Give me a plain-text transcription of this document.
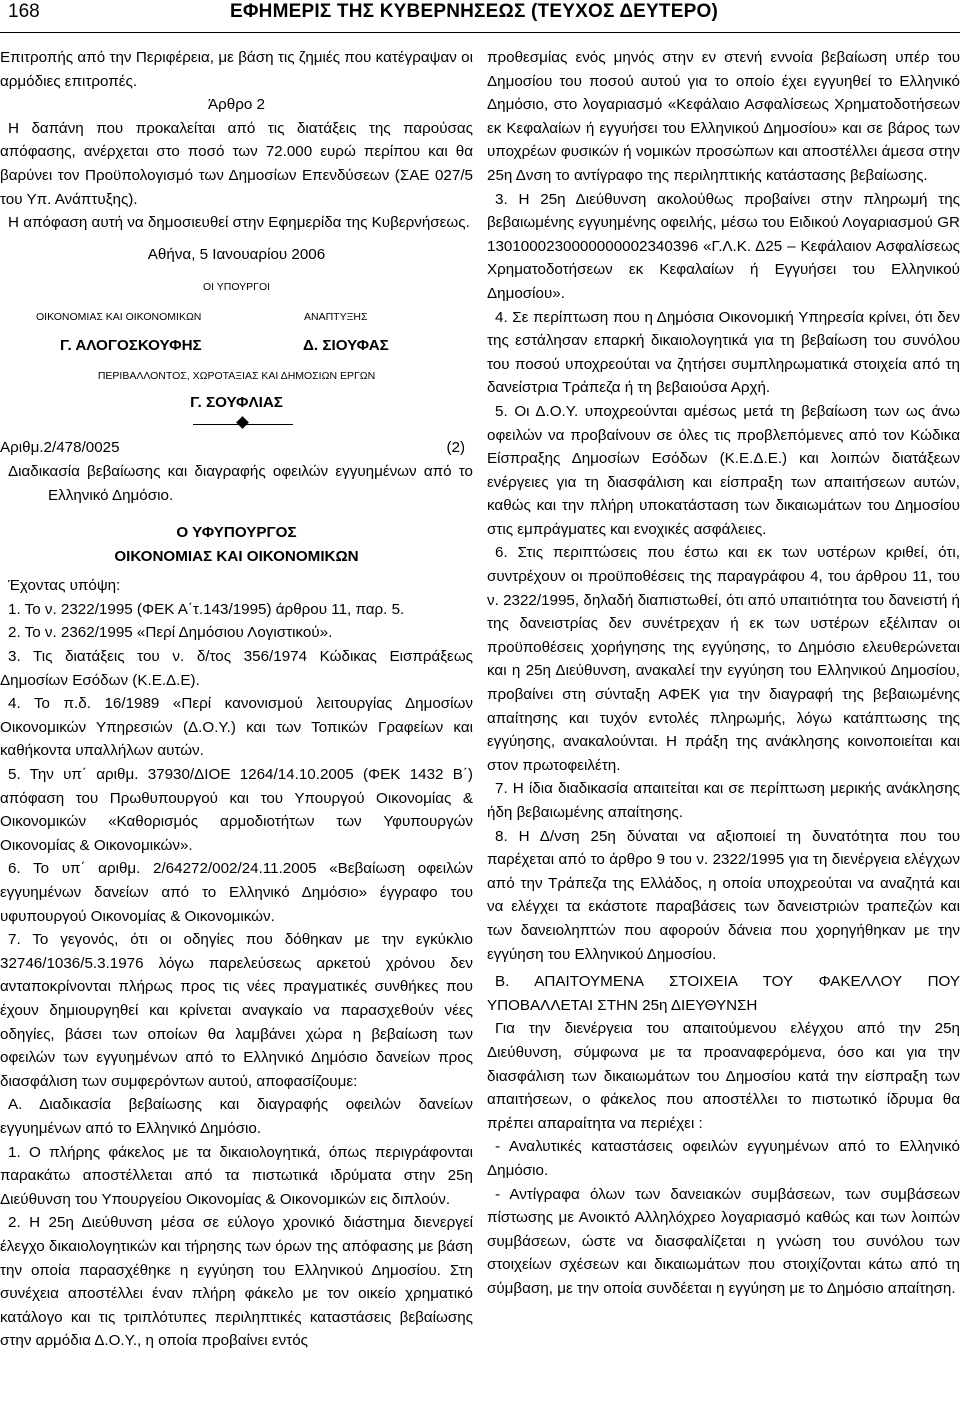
168	ΕΦΗΜΕΡΙΣ ΤΗΣ ΚΥΒΕΡΝΗΣΕΩΣ (ΤΕΥΧΟΣ ΔΕΥΤΕΡΟ)

Επιτροπής από την Περιφέρεια, με βάση τις ζημιές που κατέγραψαν οι αρμόδιες επιτροπές.

Άρθρο 2

Η δαπάνη που προκαλείται από τις διατάξεις της παρούσας απόφασης, ανέρχεται στο ποσό των 72.000 ευρώ περίπου και θα βαρύνει τον Προϋπολογισμό των Δημοσίων Επενδύσεων (ΣΑΕ 027/5 του Υπ. Ανάπτυξης).

Η απόφαση αυτή να δημοσιευθεί στην Εφημερίδα της Κυβερνήσεως.

Αθήνα, 5 Ιανουαρίου 2006

ΟΙ ΥΠΟΥΡΓΟΙ

ΟΙΚΟΝΟΜΙΑΣ ΚΑΙ ΟΙΚΟΝΟΜΙΚΩΝ	ΑΝΑΠΤΥΞΗΣ
Γ. ΑΛΟΓΟΣΚΟΥΦΗΣ	Δ. ΣΙΟΥΦΑΣ

ΠΕΡΙΒΑΛΛΟΝΤΟΣ, ΧΩΡΟΤΑΞΙΑΣ ΚΑΙ ΔΗΜΟΣΙΩΝ ΕΡΓΩΝ

Γ. ΣΟΥΦΛΙΑΣ

Αριθμ.2/478/0025	(2)

Διαδικασία βεβαίωσης και διαγραφής οφειλών εγγυημένων από το Ελληνικό Δημόσιο.

Ο ΥΦΥΠΟΥΡΓΟΣ

ΟΙΚΟΝΟΜΙΑΣ ΚΑΙ ΟΙΚΟΝΟΜΙΚΩΝ

Έχοντας υπόψη:

1. Το ν. 2322/1995 (ΦΕΚ Α΄τ.143/1995) άρθρου 11, παρ. 5.

2. Το ν. 2362/1995 «Περί Δημόσιου Λογιστικού».

3. Τις διατάξεις του ν. δ/τος 356/1974 Κώδικας Εισπράξεως Δημοσίων Εσόδων (Κ.Ε.Δ.Ε).

4. Το π.δ. 16/1989 «Περί κανονισμού λειτουργίας Δημοσίων Οικονομικών Υπηρεσιών (Δ.Ο.Υ.) και των Τοπικών Γραφείων και καθήκοντα υπαλλήλων αυτών.

5. Την υπ΄ αριθμ. 37930/ΔΙΟΕ 1264/14.10.2005 (ΦΕΚ 1432 Β΄) απόφαση του Πρωθυπουργού και του Υπουργού Οικονομίας & Οικονομικών «Καθορισμός αρμοδιοτήτων των Υφυπουργών Οικονομίας & Οικονομικών».

6. Το υπ΄ αριθμ. 2/64272/002/24.11.2005 «Βεβαίωση οφειλών εγγυημένων δανείων από το Ελληνικό Δημόσιο» έγγραφο του υφυπουργού Οικονομίας & Οικονομικών.

7. Το γεγονός, ότι οι οδηγίες που δόθηκαν με την εγκύκλιο 32746/1036/5.3.1976 λόγω παρελεύσεως αρκετού χρόνου δεν ανταποκρίνονται πλήρως προς τις νέες πραγματικές συνθήκες που έχουν δημιουργηθεί και κρίνεται αναγκαίο να παρασχεθούν νέες οδηγίες, βάσει των οποίων θα λαμβάνει χώρα η βεβαίωση των οφειλών των εγγυημένων από το Ελληνικό Δημόσιο δανείων προς διασφάλιση των συμφερόντων αυτού, αποφασίζουμε:

Α. Διαδικασία βεβαίωσης και διαγραφής οφειλών δανείων εγγυημένων από το Ελληνικό Δημόσιο.

1. Ο πλήρης φάκελος με τα δικαιολογητικά, όπως περιγράφονται παρακάτω αποστέλλεται από τα πιστωτικά ιδρύματα στην 25η Διεύθυνση του Υπουργείου Οικονομίας & Οικονομικών εις διπλούν.

2. Η 25η Διεύθυνση μέσα σε εύλογο χρονικό διάστημα διενεργεί έλεγχο δικαιολογητικών και τήρησης των όρων της απόφασης με βάση την οποία παρασχέθηκε η εγγύηση του Ελληνικού Δημοσίου. Στη συνέχεια αποστέλλει έναν πλήρη φάκελο με τον οικείο χρηματικό κατάλογο και τις τριπλότυπες περιληπτικές καταστάσεις βεβαίωσης στην αρμόδια Δ.Ο.Υ., η οποία προβαίνει εντός

προθεσμίας ενός μηνός στην εν στενή εννοία βεβαίωση υπέρ του Δημοσίου του ποσού αυτού για το οποίο έχει εγγυηθεί το Ελληνικό Δημόσιο, στο λογαριασμό «Κεφάλαιο Ασφαλίσεως Χρηματοδοτήσεων εκ Κεφαλαίων ή εγγυήσει του Ελληνικού Δημοσίου» και σε βάρος των υποχρέων φυσικών ή νομικών προσώπων και αποστέλλει άμεσα στην 25η Δνση το αντίγραφο της περιληπτικής κατάστασης βεβαίωσης.

3. Η 25η Διεύθυνση ακολούθως προβαίνει στην πληρωμή της βεβαιωμένης εγγυημένης οφειλής, μέσω του Ειδικού Λογαριασμού GR 1301000230000000002340396 «Γ.Λ.Κ. Δ25 – Κεφάλαιον Ασφαλίσεως Χρηματοδοτήσεων εκ Κεφαλαίων ή Εγγυήσει του Ελληνικού Δημοσίου».

4. Σε περίπτωση που η Δημόσια Οικονομική Υπηρεσία κρίνει, ότι δεν της εστάλησαν επαρκή δικαιολογητικά για τη βεβαίωση του συνόλου του ποσού υποχρεούται να ζητήσει συμπληρωματικά στοιχεία από τη δανείστρια Τράπεζα ή τη βεβαιούσα Αρχή.

5. Οι Δ.Ο.Υ. υποχρεούνται αμέσως μετά τη βεβαίωση των ως άνω οφειλών να προβαίνουν σε όλες τις προβλεπόμενες από τον Κώδικα Είσπραξης Δημοσίων Εσόδων (Κ.Ε.Δ.Ε.) και λοιπών διατάξεων ενέργειες για τη διασφάλιση και είσπραξη των απαιτήσεων αυτών, καθώς και την πλήρη υποκατάσταση των δικαιωμάτων του Δημοσίου στις εμπράγματες και ενοχικές ασφάλειες.

6. Στις περιπτώσεις που έστω και εκ των υστέρων κριθεί, ότι, συντρέχουν οι προϋποθέσεις της παραγράφου 4, του άρθρου 11, του ν. 2322/1995, δηλαδή διαπιστωθεί, ότι από υπαιτιότητα του δανειστή ή της δανειστρίας δεν συνέτρεχαν ή εκ των υστέρων εξέλιπαν οι προϋποθέσεις χορήγησης της εγγύησης, το Δημόσιο ελευθερώνεται και η 25η Διεύθυνση, ανακαλεί την εγγύηση του Ελληνικού Δημοσίου, προβαίνει στη σύνταξη ΑΦΕΚ για την διαγραφή της βεβαιωμένης απαίτησης και τυχόν εντολές πληρωμής, λόγω κατάπτωσης της εγγύησης, ανακαλούνται. Η πράξη της ανάκλησης κοινοποιείται και στον πρωτοφειλέτη.

7. Η ίδια διαδικασία απαιτείται και σε περίπτωση μερικής ανάκλησης ήδη βεβαιωμένης απαίτησης.

8. Η Δ/νση 25η δύναται να αξιοποιεί τη δυνατότητα που του παρέχεται από το άρθρο 9 του ν. 2322/1995 για τη διενέργεια ελέγχων από την Τράπεζα της Ελλάδος, η οποία υποχρεούται να αναζητά και να ελέγχει τα εκάστοτε παραβάσεις των δανειστριών τραπεζών και των δανειοληπτών που αφορούν δάνεια που χορηγήθηκαν με την εγγύηση του Ελληνικού Δημοσίου.

Β. ΑΠΑΙΤΟΥΜΕΝΑ ΣΤΟΙΧΕΙΑ ΤΟΥ ΦΑΚΕΛΛΟΥ ΠΟΥ ΥΠΟΒΑΛΛΕΤΑΙ ΣΤΗΝ 25η ΔΙΕΥΘΥΝΣΗ

Για την διενέργεια του απαιτούμενου ελέγχου από την 25η Διεύθυνση, σύμφωνα με τα προαναφερόμενα, όσο και για την διασφάλιση των δικαιωμάτων του Δημοσίου κατά την είσπραξη των απαιτήσεων, ο φάκελος που αποστέλλει το πιστωτικό ίδρυμα θα πρέπει απαραίτητα να περιέχει :

- Αναλυτικές καταστάσεις οφειλών εγγυημένων από το Ελληνικό Δημόσιο.

- Αντίγραφα όλων των δανειακών συμβάσεων, των συμβάσεων πίστωσης με Ανοικτό Αλληλόχρεο λογαριασμό καθώς και των λοιπών συμβάσεων, ώστε να διασφαλίζεται η γνώση του συνόλου των στοιχείων σχέσεων και δικαιωμάτων που στοιχίζονται κάτω από τη σύμβαση, με την οποία συνδέεται η εγγύηση με το Δημόσιο απαίτηση.
